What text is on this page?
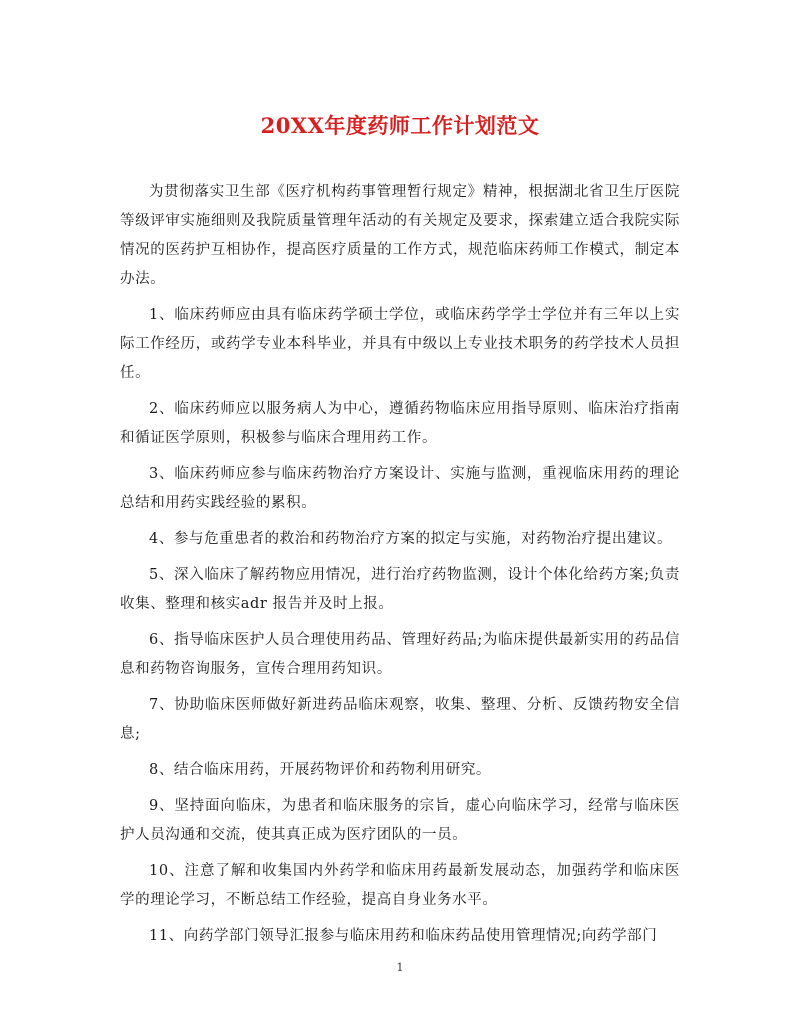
20XX年度药师工作计划范文

为贯彻落实卫生部《医疗机构药事管理暂行规定》精神，根据湖北省卫生厅医院等级评审实施细则及我院质量管理年活动的有关规定及要求，探索建立适合我院实际情况的医药护互相协作，提高医疗质量的工作方式，规范临床药师工作模式，制定本办法。

1、临床药师应由具有临床药学硕士学位，或临床药学学士学位并有三年以上实际工作经历，或药学专业本科毕业，并具有中级以上专业技术职务的药学技术人员担任。

2、临床药师应以服务病人为中心，遵循药物临床应用指导原则、临床治疗指南和循证医学原则，积极参与临床合理用药工作。

3、临床药师应参与临床药物治疗方案设计、实施与监测，重视临床用药的理论总结和用药实践经验的累积。

4、参与危重患者的救治和药物治疗方案的拟定与实施，对药物治疗提出建议。

5、深入临床了解药物应用情况，进行治疗药物监测，设计个体化给药方案;负责收集、整理和核实adr 报告并及时上报。

6、指导临床医护人员合理使用药品、管理好药品;为临床提供最新实用的药品信息和药物咨询服务，宣传合理用药知识。

7、协助临床医师做好新进药品临床观察，收集、整理、分析、反馈药物安全信息;

8、结合临床用药，开展药物评价和药物利用研究。

9、坚持面向临床，为患者和临床服务的宗旨，虚心向临床学习，经常与临床医护人员沟通和交流，使其真正成为医疗团队的一员。

10、注意了解和收集国内外药学和临床用药最新发展动态，加强药学和临床医学的理论学习，不断总结工作经验，提高自身业务水平。

11、向药学部门领导汇报参与临床用药和临床药品使用管理情况;向药学部门

1
